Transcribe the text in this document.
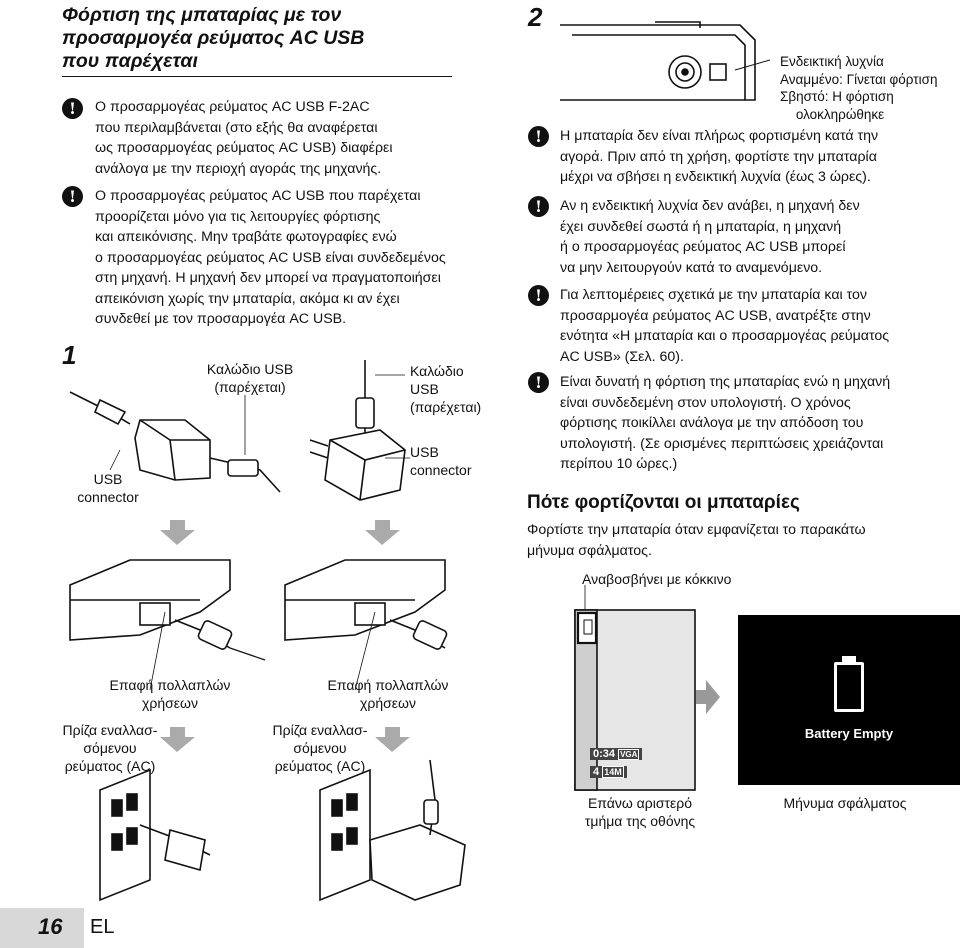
Φόρτιση της μπαταρίας με τον
προσαρμογέα ρεύματος AC USB
που παρέχεται
!	Ο προσαρμογέας ρεύματος AC USB F-2AC
που περιλαμβάνεται (στο εξής θα αναφέρεται
ως προσαρμογέας ρεύματος AC USB) διαφέρει
ανάλογα με την περιοχή αγοράς της μηχανής.
!	Ο προσαρμογέας ρεύματος AC USB που παρέχεται
προορίζεται μόνο για τις λειτουργίες φόρτισης
και απεικόνισης. Μην τραβάτε φωτογραφίες ενώ
ο προσαρμογέας ρεύματος AC USB είναι συνδεδεμένος
στη μηχανή. Η μηχανή δεν μπορεί να πραγματοποιήσει
απεικόνιση χωρίς την μπαταρία, ακόμα κι αν έχει
συνδεθεί με τον προσαρμογέα AC USB.
1
2
Καλώδιο USB
(παρέχεται)
Καλώδιο
USB
(παρέχεται)
USB
connector
USB
connector
Επαφή πολλαπλών
χρήσεων
Επαφή πολλαπλών
χρήσεων
Πρίζα εναλλασ-
σόμενου
ρεύματος (AC)
Πρίζα εναλλασ-
σόμενου
ρεύματος (AC)
Ενδεικτική λυχνία
Αναμμένο: Γίνεται φόρτιση
Σβηστό: Η φόρτιση
ολοκληρώθηκε
!	Η μπαταρία δεν είναι πλήρως φορτισμένη κατά την
αγορά. Πριν από τη χρήση, φορτίστε την μπαταρία
μέχρι να σβήσει η ενδεικτική λυχνία (έως 3 ώρες).
!	Αν η ενδεικτική λυχνία δεν ανάβει, η μηχανή δεν
έχει συνδεθεί σωστά ή η μπαταρία, η μηχανή
ή ο προσαρμογέας ρεύματος AC USB μπορεί
να μην λειτουργούν κατά το αναμενόμενο.
!	Για λεπτομέρειες σχετικά με την μπαταρία και τον
προσαρμογέα ρεύματος AC USB, ανατρέξτε στην
ενότητα «Η μπαταρία και ο προσαρμογέας ρεύματος
AC USB» (Σελ. 60).
!	Είναι δυνατή η φόρτιση της μπαταρίας ενώ η μηχανή
είναι συνδεδεμένη στον υπολογιστή. Ο χρόνος
φόρτισης ποικίλλει ανάλογα με την απόδοση του
υπολογιστή. (Σε ορισμένες περιπτώσεις χρειάζονται
περίπου 10 ώρες.)
Πότε φορτίζονται οι μπαταρίες
Φορτίστε την μπαταρία όταν εμφανίζεται το παρακάτω
μήνυμα σφάλματος.
Αναβοσβήνει με κόκκινο
0:34 VGA
4 14M
Battery Empty
Επάνω αριστερό
τμήμα της οθόνης
Μήνυμα σφάλματος
16 EL
